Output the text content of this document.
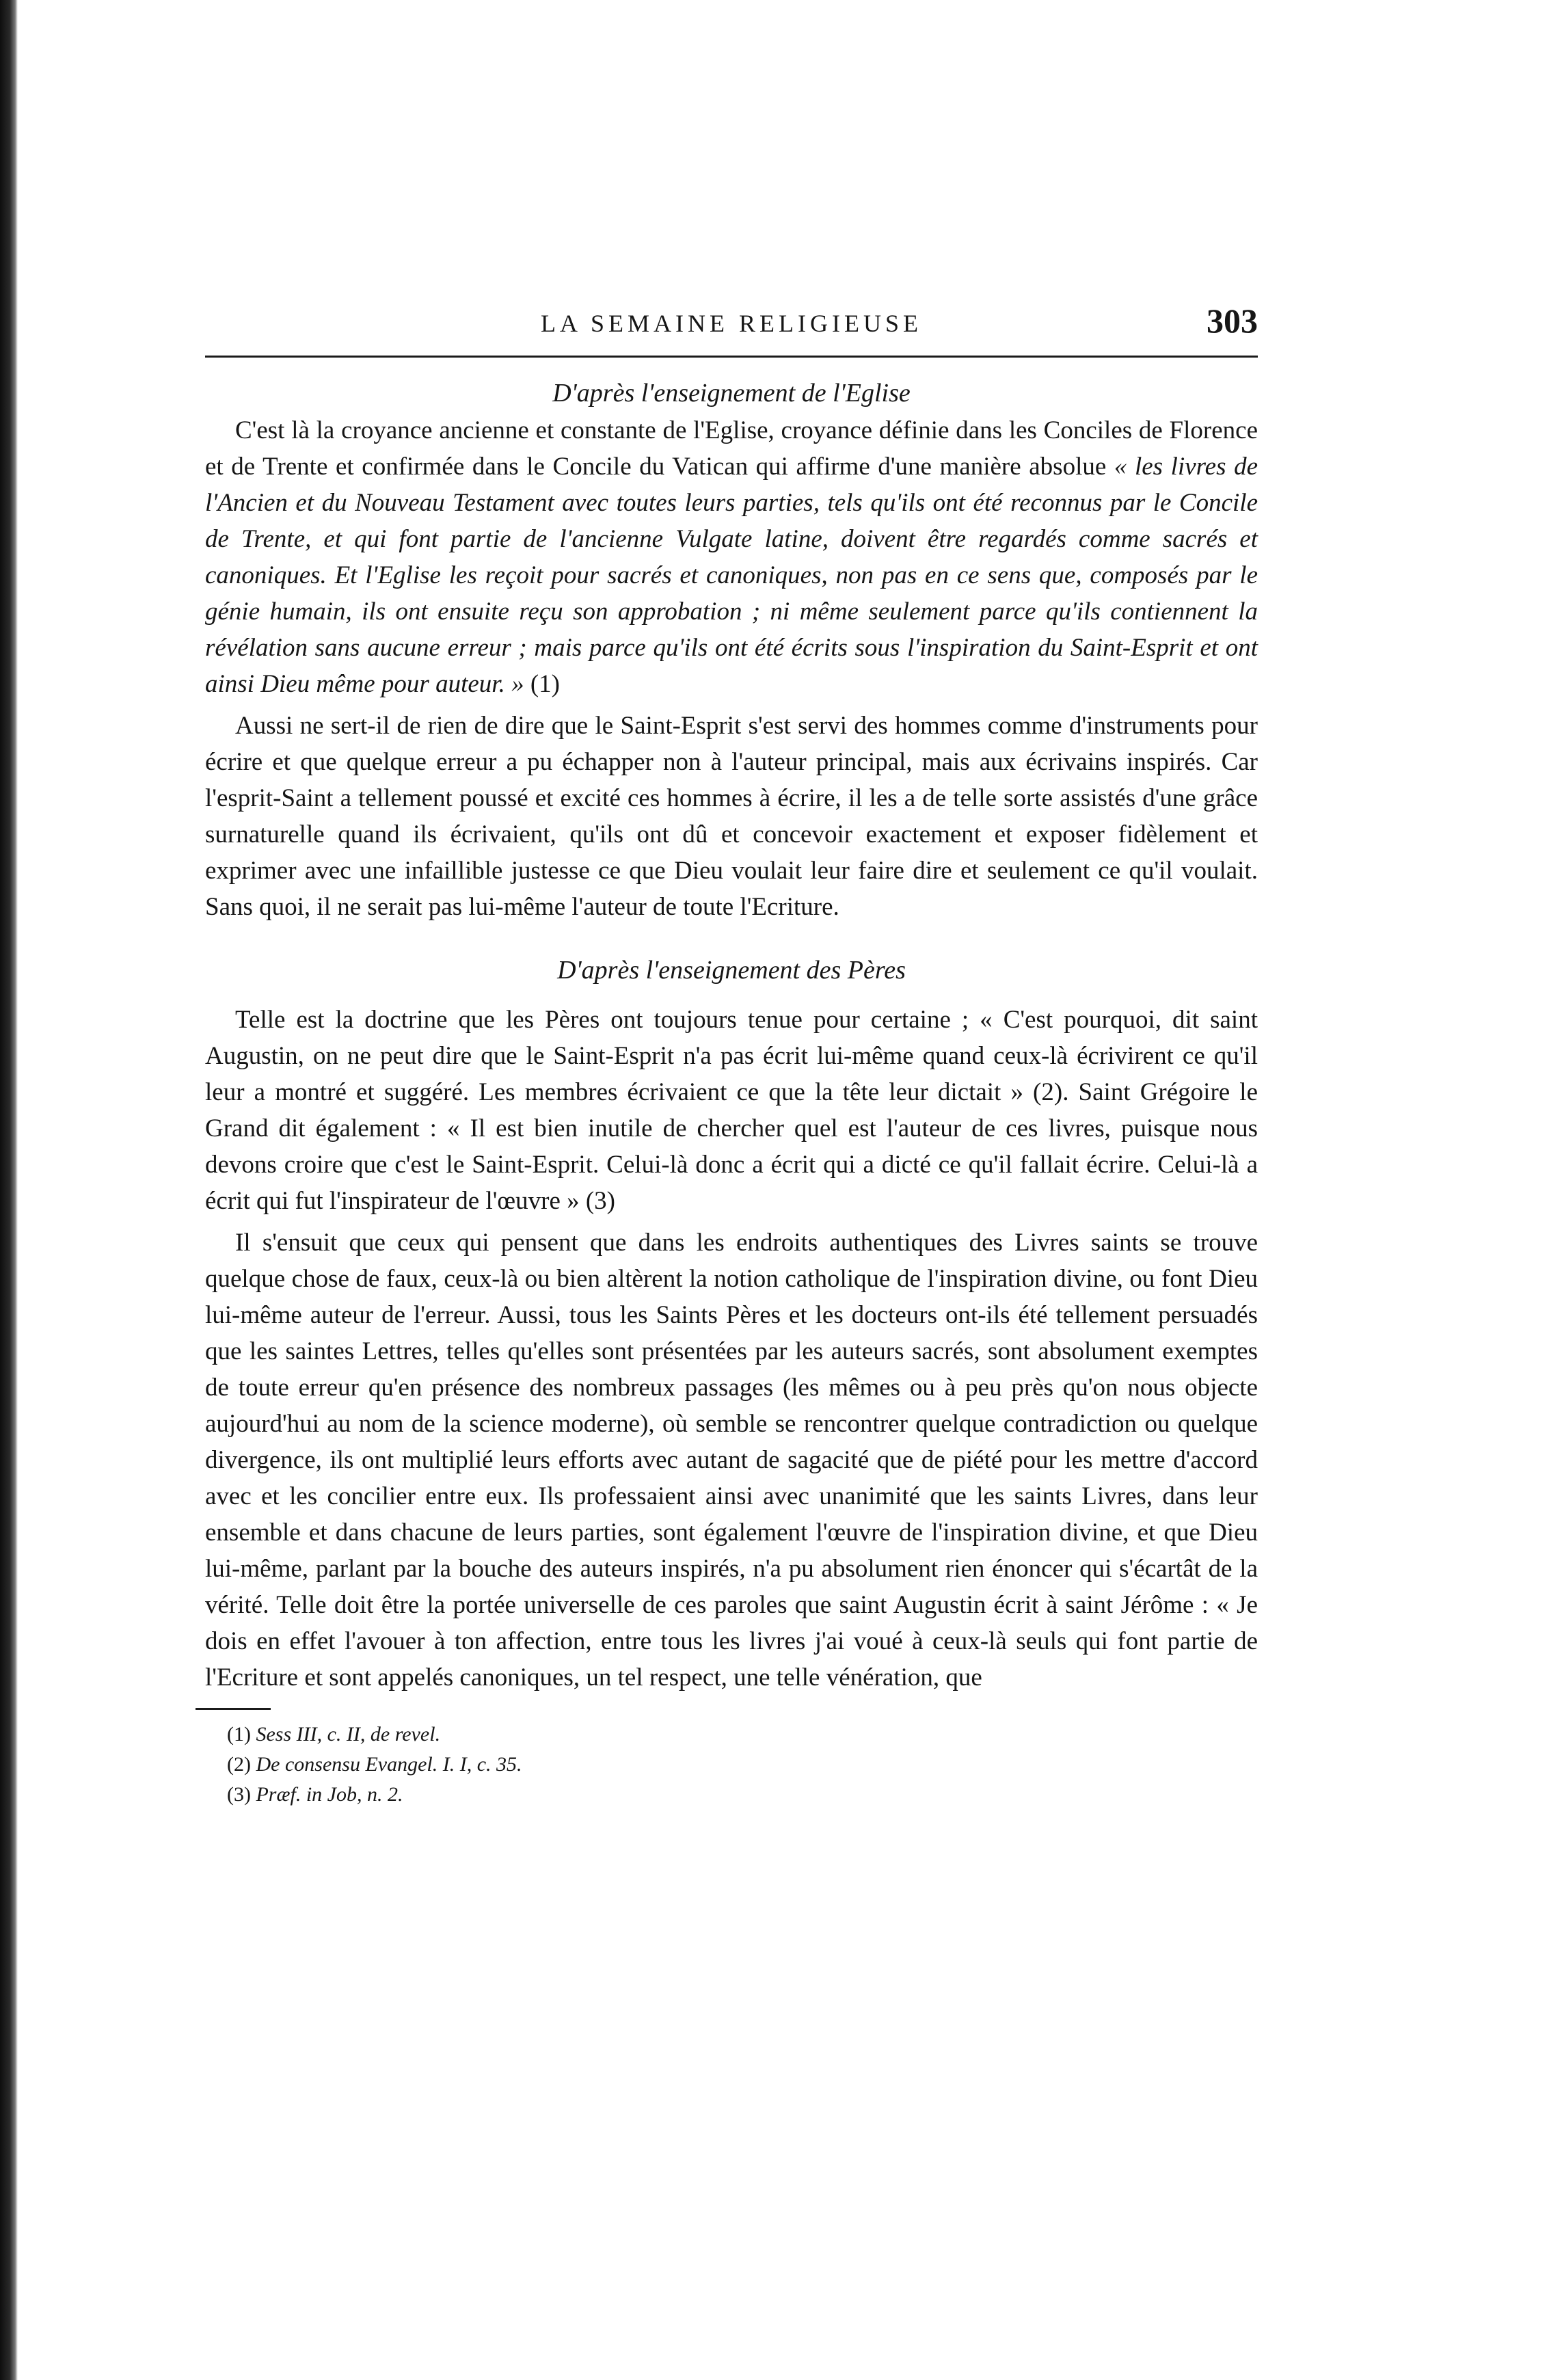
LA SEMAINE RELIGIEUSE	303
D'après l'enseignement de l'Eglise

C'est là la croyance ancienne et constante de l'Eglise, croyance définie dans les Conciles de Florence et de Trente et confirmée dans le Concile du Vatican qui affirme d'une manière absolue « les livres de l'Ancien et du Nouveau Testament avec toutes leurs parties, tels qu'ils ont été reconnus par le Concile de Trente, et qui font partie de l'ancienne Vulgate latine, doivent être regardés comme sacrés et canoniques. Et l'Eglise les reçoit pour sacrés et canoniques, non pas en ce sens que, composés par le génie humain, ils ont ensuite reçu son approbation ; ni même seulement parce qu'ils contiennent la révélation sans aucune erreur ; mais parce qu'ils ont été écrits sous l'inspiration du Saint-Esprit et ont ainsi Dieu même pour auteur. » (1)

Aussi ne sert-il de rien de dire que le Saint-Esprit s'est servi des hommes comme d'instruments pour écrire et que quelque erreur a pu échapper non à l'auteur principal, mais aux écrivains inspirés. Car l'esprit-Saint a tellement poussé et excité ces hommes à écrire, il les a de telle sorte assistés d'une grâce surnaturelle quand ils écrivaient, qu'ils ont dû et concevoir exactement et exposer fidèlement et exprimer avec une infaillible justesse ce que Dieu voulait leur faire dire et seulement ce qu'il voulait. Sans quoi, il ne serait pas lui-même l'auteur de toute l'Ecriture.

D'après l'enseignement des Pères

Telle est la doctrine que les Pères ont toujours tenue pour certaine ; « C'est pourquoi, dit saint Augustin, on ne peut dire que le Saint-Esprit n'a pas écrit lui-même quand ceux-là écrivirent ce qu'il leur a montré et suggéré. Les membres écrivaient ce que la tête leur dictait » (2). Saint Grégoire le Grand dit également : « Il est bien inutile de chercher quel est l'auteur de ces livres, puisque nous devons croire que c'est le Saint-Esprit. Celui-là donc a écrit qui a dicté ce qu'il fallait écrire. Celui-là a écrit qui fut l'inspirateur de l'œuvre » (3)

Il s'ensuit que ceux qui pensent que dans les endroits authentiques des Livres saints se trouve quelque chose de faux, ceux-là ou bien altèrent la notion catholique de l'inspiration divine, ou font Dieu lui-même auteur de l'erreur. Aussi, tous les Saints Pères et les docteurs ont-ils été tellement persuadés que les saintes Lettres, telles qu'elles sont présentées par les auteurs sacrés, sont absolument exemptes de toute erreur qu'en présence des nombreux passages (les mêmes ou à peu près qu'on nous objecte aujourd'hui au nom de la science moderne), où semble se rencontrer quelque contradiction ou quelque divergence, ils ont multiplié leurs efforts avec autant de sagacité que de piété pour les mettre d'accord avec et les concilier entre eux. Ils professaient ainsi avec unanimité que les saints Livres, dans leur ensemble et dans chacune de leurs parties, sont également l'œuvre de l'inspiration divine, et que Dieu lui-même, parlant par la bouche des auteurs inspirés, n'a pu absolument rien énoncer qui s'écartât de la vérité. Telle doit être la portée universelle de ces paroles que saint Augustin écrit à saint Jérôme : « Je dois en effet l'avouer à ton affection, entre tous les livres j'ai voué à ceux-là seuls qui font partie de l'Ecriture et sont appelés canoniques, un tel respect, une telle vénération, que

(1) Sess III, c. II, de revel.
(2) De consensu Evangel. I. I, c. 35.
(3) Præf. in Job, n. 2.
